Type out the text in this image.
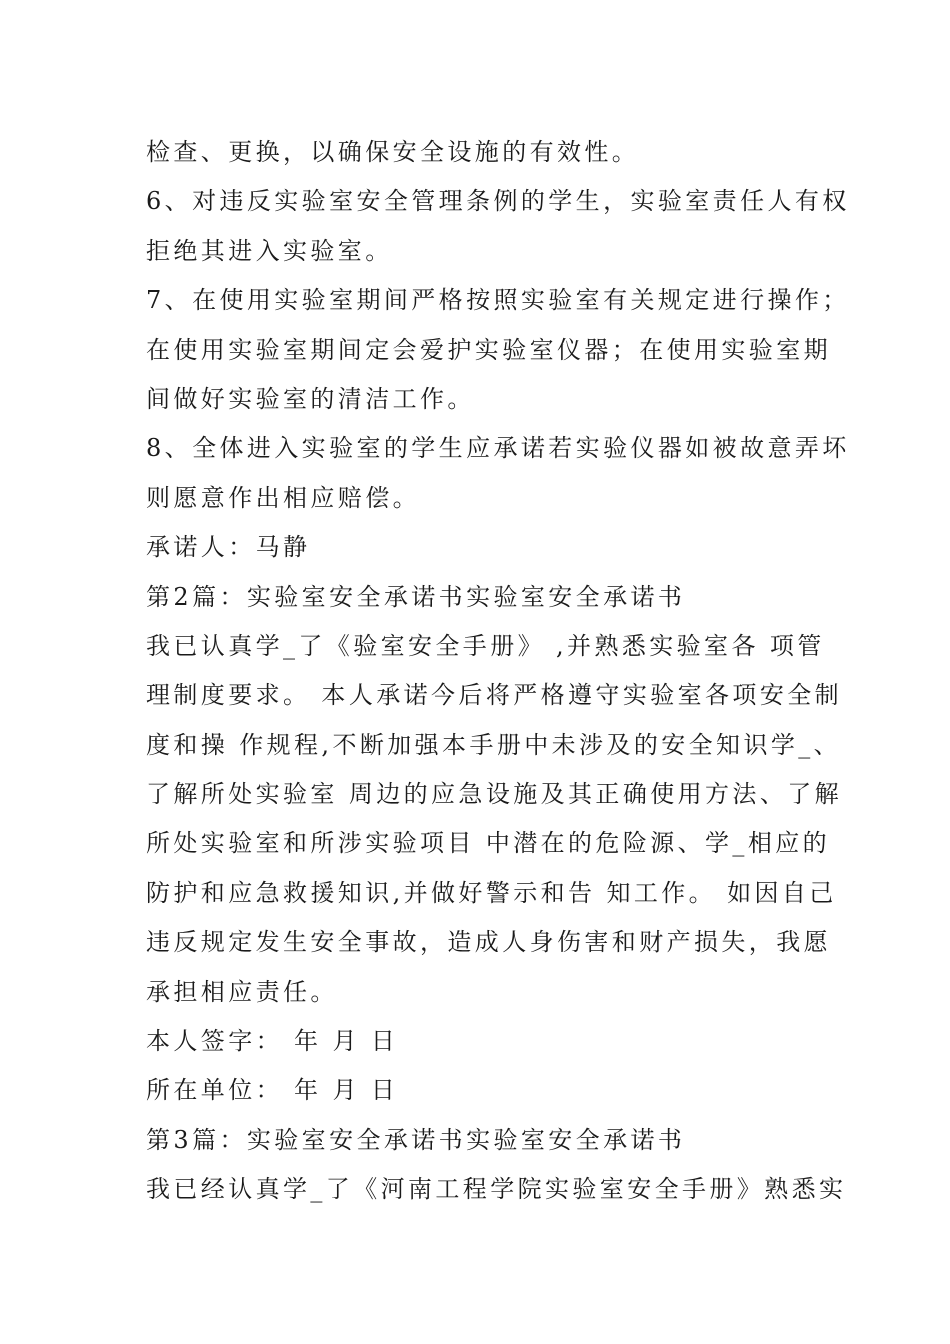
检查、更换，以确保安全设施的有效性。
6、对违反实验室安全管理条例的学生，实验室责任人有权
拒绝其进入实验室。
7、在使用实验室期间严格按照实验室有关规定进行操作；
在使用实验室期间定会爱护实验室仪器；在使用实验室期
间做好实验室的清洁工作。
8、全体进入实验室的学生应承诺若实验仪器如被故意弄坏
则愿意作出相应赔偿。
承诺人：马静
第2篇：实验室安全承诺书实验室安全承诺书
我已认真学_了《验室安全手册》 ,并熟悉实验室各 项管
理制度要求。 本人承诺今后将严格遵守实验室各项安全制
度和操 作规程,不断加强本手册中未涉及的安全知识学_、
了解所处实验室 周边的应急设施及其正确使用方法、了解
所处实验室和所涉实验项目 中潜在的危险源、学_相应的
防护和应急救援知识,并做好警示和告 知工作。 如因自己
违反规定发生安全事故，造成人身伤害和财产损失，我愿
承担相应责任。
本人签字： 年 月 日
所在单位： 年 月 日
第3篇：实验室安全承诺书实验室安全承诺书
我已经认真学_了《河南工程学院实验室安全手册》熟悉实
